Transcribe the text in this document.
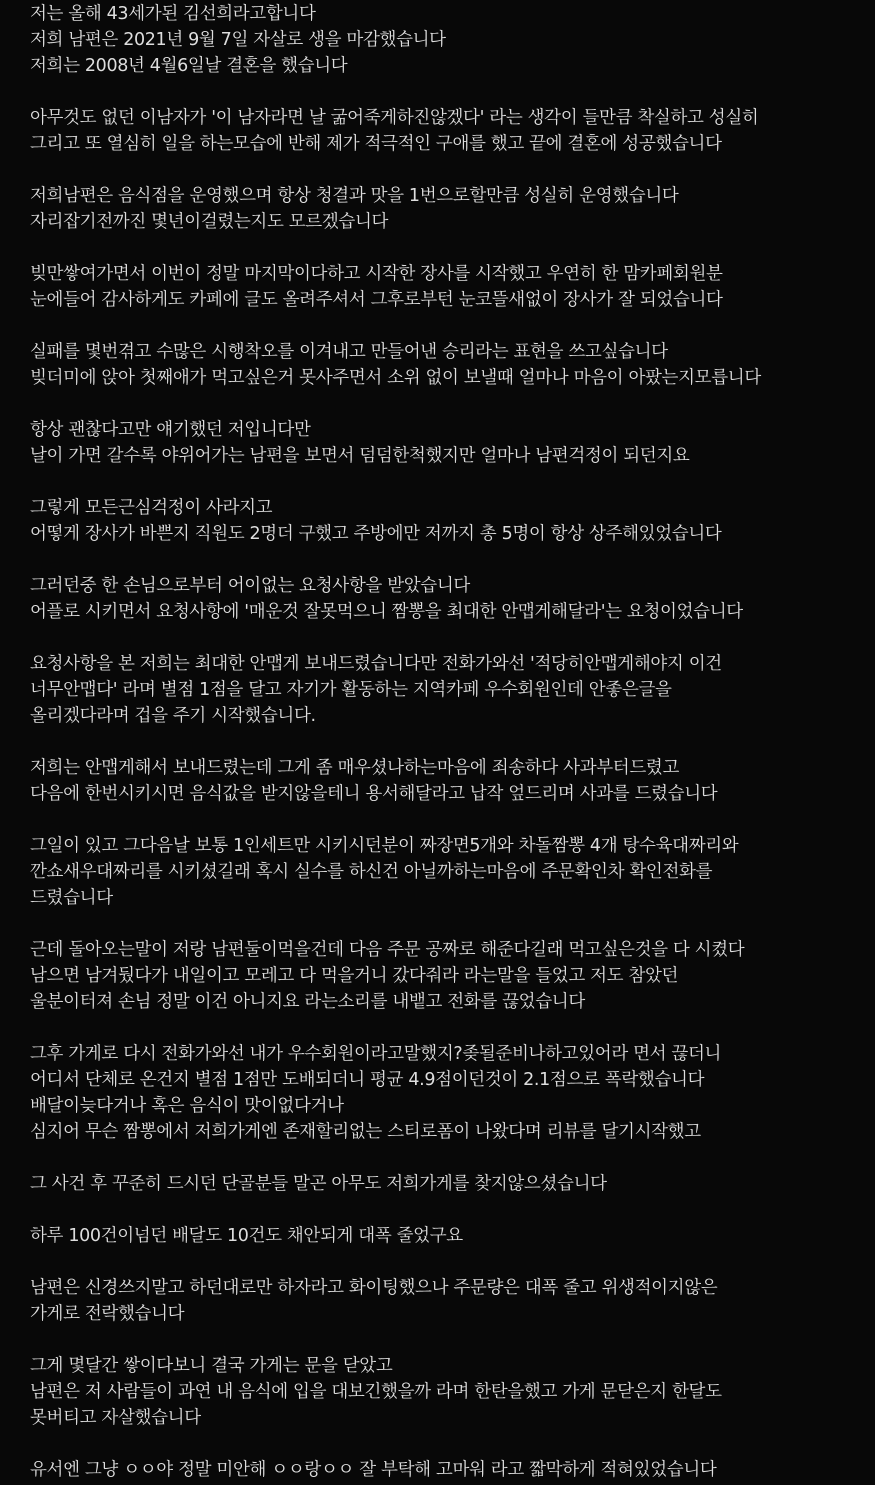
저는 올해 43세가된 김선희라고합니다
저희 남편은 2021년 9월 7일 자살로 생을 마감했습니다
저희는 2008년 4월6일날 결혼을 했습니다
아무것도 없던 이남자가 '이 남자라면 날 굶어죽게하진않겠다' 라는 생각이 들만큼 착실하고 성실히
그리고 또 열심히 일을 하는모습에 반해 제가 적극적인 구애를 했고 끝에 결혼에 성공했습니다
저희남편은 음식점을 운영했으며 항상 청결과 맛을 1번으로할만큼 성실히 운영했습니다
자리잡기전까진 몇년이걸렸는지도 모르겠습니다
빚만쌓여가면서 이번이 정말 마지막이다하고 시작한 장사를 시작했고 우연히 한 맘카페회원분
눈에들어 감사하게도 카페에 글도 올려주셔서 그후로부턴 눈코뜰새없이 장사가 잘 되었습니다
실패를 몇번겪고 수많은 시행착오를 이겨내고 만들어낸 승리라는 표현을 쓰고싶습니다
빚더미에 앉아 첫째애가 먹고싶은거 못사주면서 소위 없이 보낼때 얼마나 마음이 아팠는지모릅니다
항상 괜찮다고만 얘기했던 저입니다만
날이 가면 갈수록 야위어가는 남편을 보면서 덤덤한척했지만 얼마나 남편걱정이 되던지요
그렇게 모든근심걱정이 사라지고
어떻게 장사가 바쁜지 직원도 2명더 구했고 주방에만 저까지 총 5명이 항상 상주해있었습니다
그러던중 한 손님으로부터 어이없는 요청사항을 받았습니다
어플로 시키면서 요청사항에 '매운것 잘못먹으니 짬뽕을 최대한 안맵게해달라'는 요청이었습니다
요청사항을 본 저희는 최대한 안맵게 보내드렸습니다만 전화가와선 '적당히안맵게해야지 이건
너무안맵다' 라며 별점 1점을 달고 자기가 활동하는 지역카페 우수회원인데 안좋은글을
올리겠다라며 겁을 주기 시작했습니다.
저희는 안맵게해서 보내드렸는데 그게 좀 매우셨나하는마음에 죄송하다 사과부터드렸고
다음에 한번시키시면 음식값을 받지않을테니 용서해달라고 납작 엎드리며 사과를 드렸습니다
그일이 있고 그다음날 보통 1인세트만 시키시던분이 짜장면5개와 차돌짬뽕 4개 탕수육대짜리와
깐쇼새우대짜리를 시키셨길래 혹시 실수를 하신건 아닐까하는마음에 주문확인차 확인전화를
드렸습니다
근데 돌아오는말이 저랑 남편둘이먹을건데 다음 주문 공짜로 해준다길래 먹고싶은것을 다 시켰다
남으면 남겨뒀다가 내일이고 모레고 다 먹을거니 갔다줘라 라는말을 들었고 저도 참았던
울분이터져 손님 정말 이건 아니지요 라는소리를 내뱉고 전화를 끊었습니다
그후 가게로 다시 전화가와선 내가 우수회원이라고말했지?좆될준비나하고있어라 면서 끊더니
어디서 단체로 온건지 별점 1점만 도배되더니 평균 4.9점이던것이 2.1점으로 폭락했습니다
배달이늦다거나 혹은 음식이 맛이없다거나
심지어 무슨 짬뽕에서 저희가게엔 존재할리없는 스티로폼이 나왔다며 리뷰를 달기시작했고
그 사건 후 꾸준히 드시던 단골분들 말곤 아무도 저희가게를 찾지않으셨습니다
하루 100건이넘던 배달도 10건도 채안되게 대폭 줄었구요
남편은 신경쓰지말고 하던대로만 하자라고 화이팅했으나 주문량은 대폭 줄고 위생적이지않은
가게로 전락했습니다
그게 몇달간 쌓이다보니 결국 가게는 문을 닫았고
남편은 저 사람들이 과연 내 음식에 입을 대보긴했을까 라며 한탄을했고 가게 문닫은지 한달도
못버티고 자살했습니다
유서엔 그냥 ㅇㅇ야 정말 미안해 ㅇㅇ랑ㅇㅇ 잘 부탁해 고마워 라고 짧막하게 적혀있었습니다
